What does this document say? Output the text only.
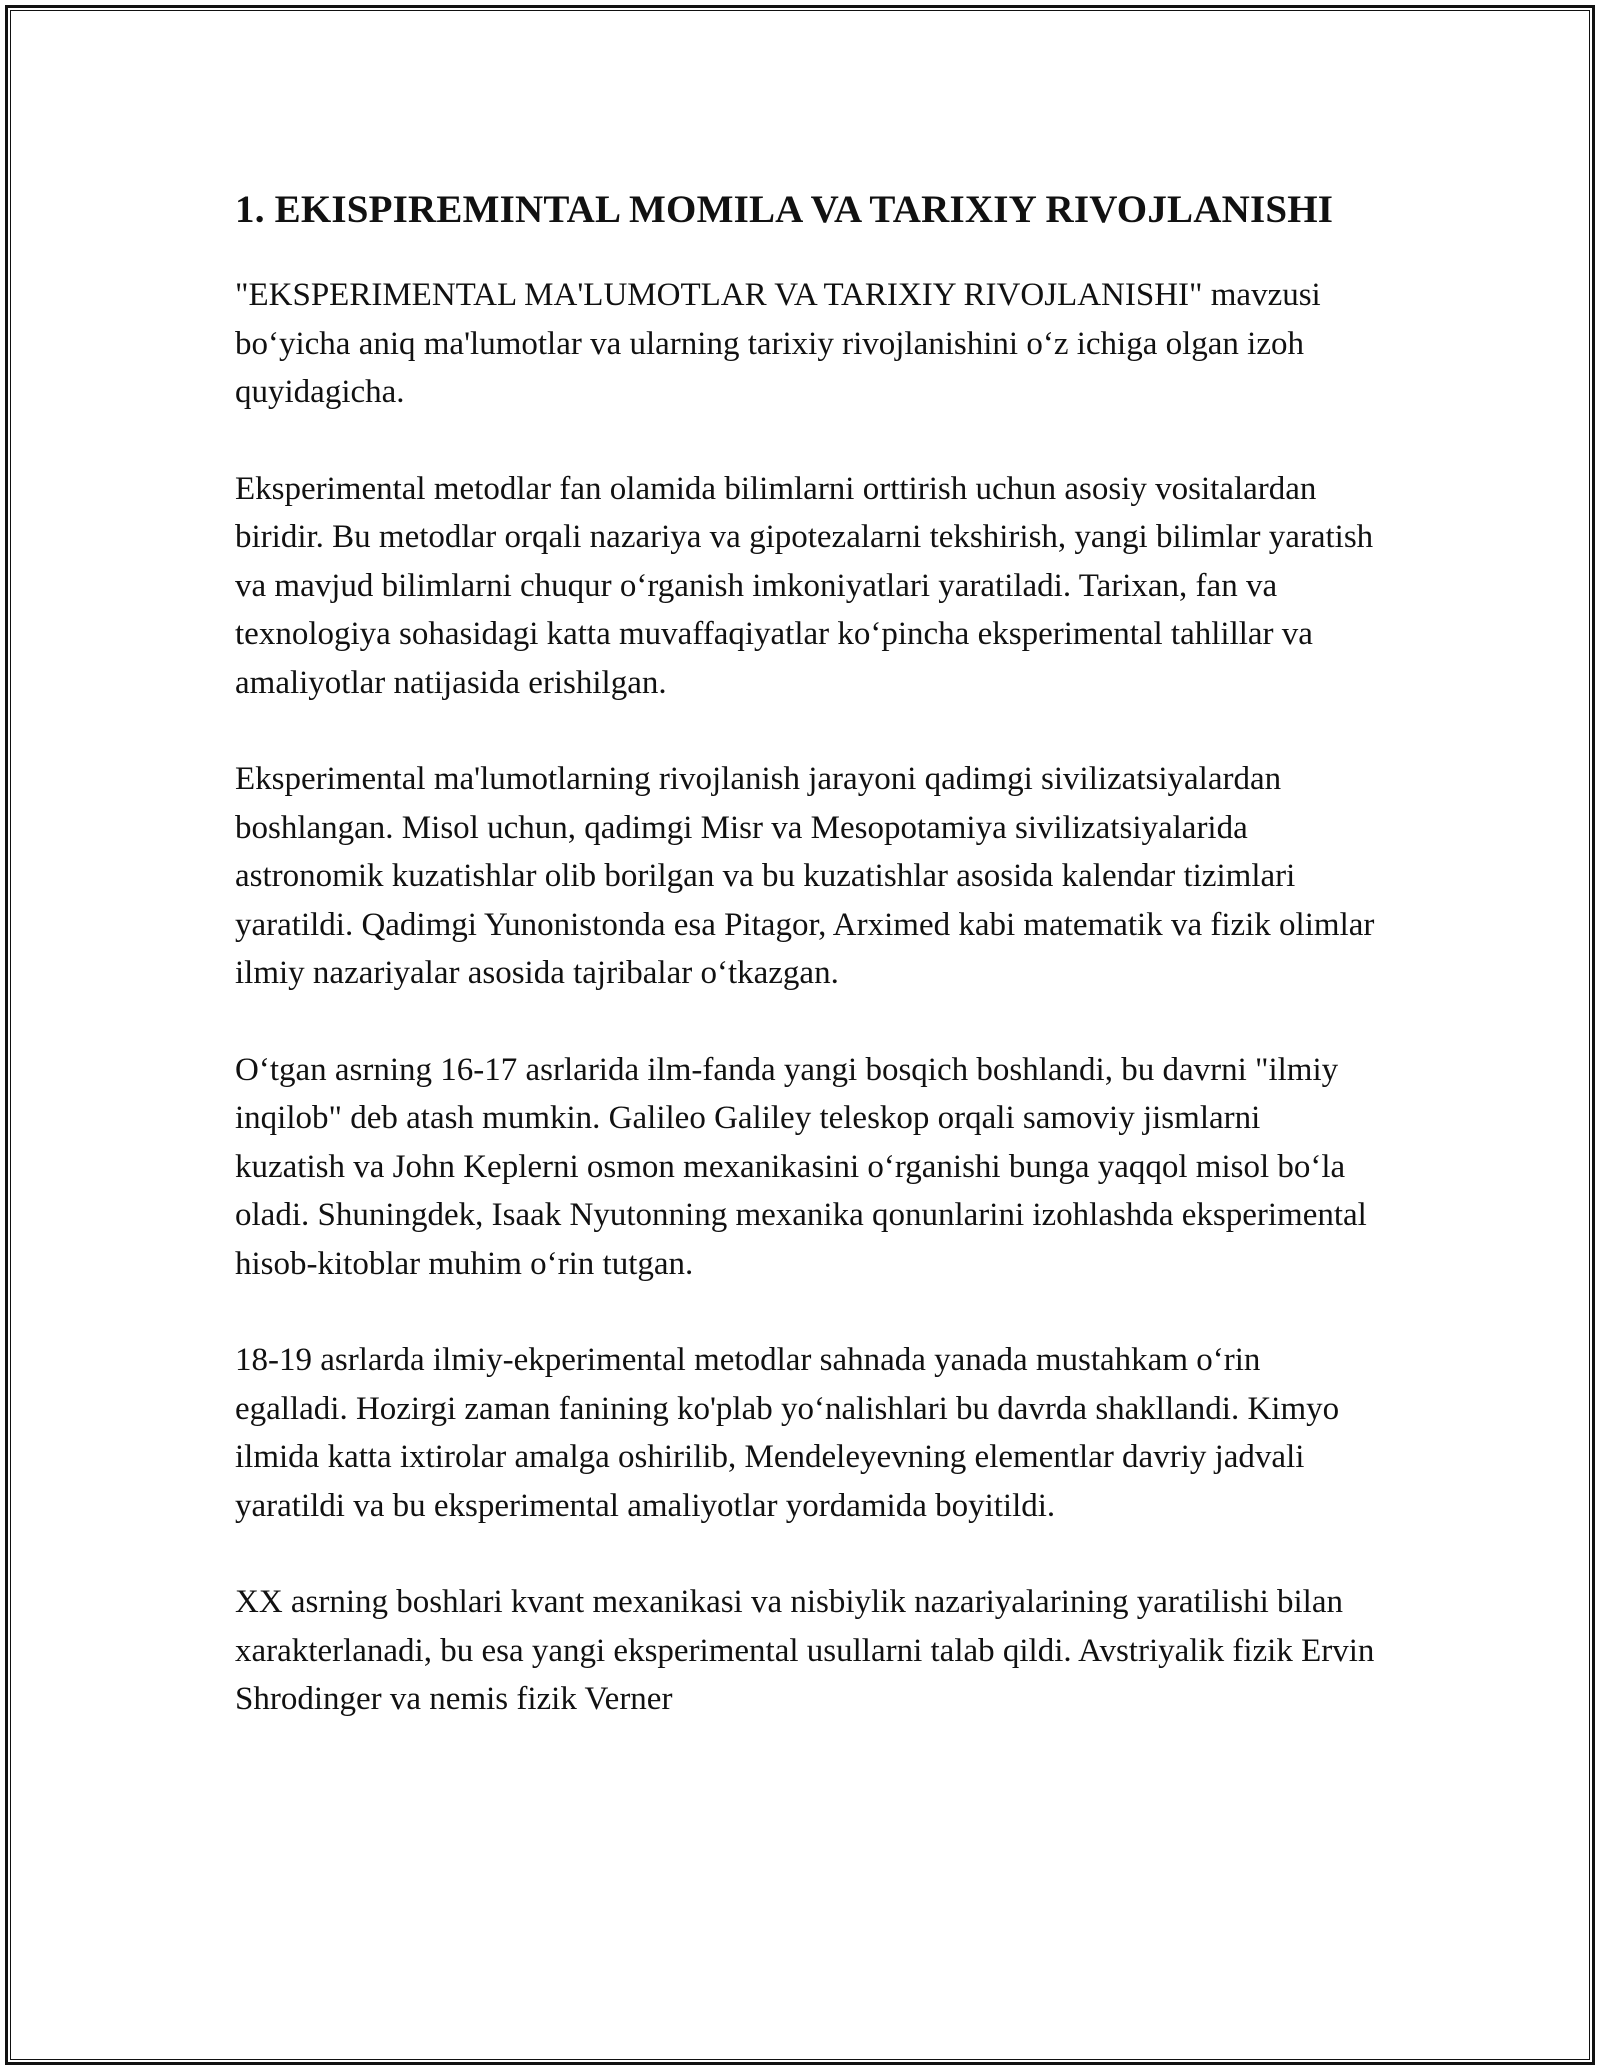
1. EKISPIREMINTAL MOMILA VA TARIXIY RIVOJLANISHI

"EKSPERIMENTAL MA'LUMOTLAR VA TARIXIY RIVOJLANISHI" mavzusi bo‘yicha aniq ma'lumotlar va ularning tarixiy rivojlanishini o‘z ichiga olgan izoh quyidagicha.

Eksperimental metodlar fan olamida bilimlarni orttirish uchun asosiy vositalardan biridir. Bu metodlar orqali nazariya va gipotezalarni tekshirish, yangi bilimlar yaratish va mavjud bilimlarni chuqur o‘rganish imkoniyatlari yaratiladi. Tarixan, fan va texnologiya sohasidagi katta muvaffaqiyatlar ko‘pincha eksperimental tahlillar va amaliyotlar natijasida erishilgan.

Eksperimental ma'lumotlarning rivojlanish jarayoni qadimgi sivilizatsiyalardan boshlangan. Misol uchun, qadimgi Misr va Mesopotamiya sivilizatsiyalarida astronomik kuzatishlar olib borilgan va bu kuzatishlar asosida kalendar tizimlari yaratildi. Qadimgi Yunonistonda esa Pitagor, Arximed kabi matematik va fizik olimlar ilmiy nazariyalar asosida tajribalar o‘tkazgan.

O‘tgan asrning 16-17 asrlarida ilm-fanda yangi bosqich boshlandi, bu davrni "ilmiy inqilob" deb atash mumkin. Galileo Galiley teleskop orqali samoviy jismlarni kuzatish va John Keplerni osmon mexanikasini o‘rganishi bunga yaqqol misol bo‘la oladi. Shuningdek, Isaak Nyutonning mexanika qonunlarini izohlashda eksperimental hisob-kitoblar muhim o‘rin tutgan.

18-19 asrlarda ilmiy-ekperimental metodlar sahnada yanada mustahkam o‘rin egalladi. Hozirgi zaman fanining ko'plab yo‘nalishlari bu davrda shakllandi. Kimyo ilmida katta ixtirolar amalga oshirilib, Mendeleyevning elementlar davriy jadvali yaratildi va bu eksperimental amaliyotlar yordamida boyitildi.

XX asrning boshlari kvant mexanikasi va nisbiylik nazariyalarining yaratilishi bilan xarakterlanadi, bu esa yangi eksperimental usullarni talab qildi. Avstriyalik fizik Ervin Shrodinger va nemis fizik Verner
